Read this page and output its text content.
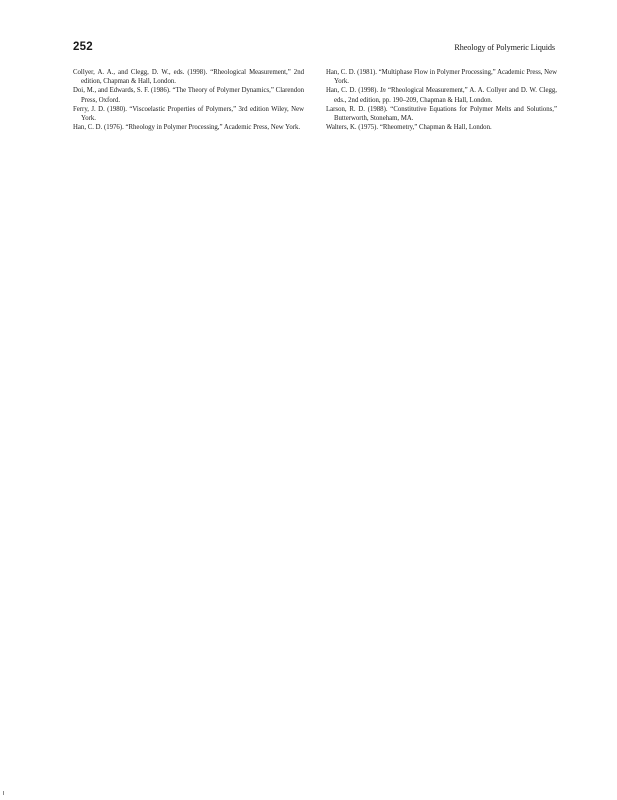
252	Rheology of Polymeric Liquids

Collyer, A. A., and Clegg, D. W., eds. (1998). “Rheological Measurement,” 2nd edition, Chapman & Hall, London.

Doi, M., and Edwards, S. F. (1986). “The Theory of Polymer Dynamics,” Clarendon Press, Oxford.

Ferry, J. D. (1980). “Viscoelastic Properties of Polymers,” 3rd edition Wiley, New York.

Han, C. D. (1976). “Rheology in Polymer Processing,” Academic Press, New York.

Han, C. D. (1981). “Multiphase Flow in Polymer Processing,” Academic Press, New York.

Han, C. D. (1998). In “Rheological Measurement,” A. A. Collyer and D. W. Clegg, eds., 2nd edition, pp. 190–209, Chapman & Hall, London.

Larson, R. D. (1988). “Constitutive Equations for Polymer Melts and Solutions,” Butterworth, Stoneham, MA.

Walters, K. (1975). “Rheometry,” Chapman & Hall, London.
